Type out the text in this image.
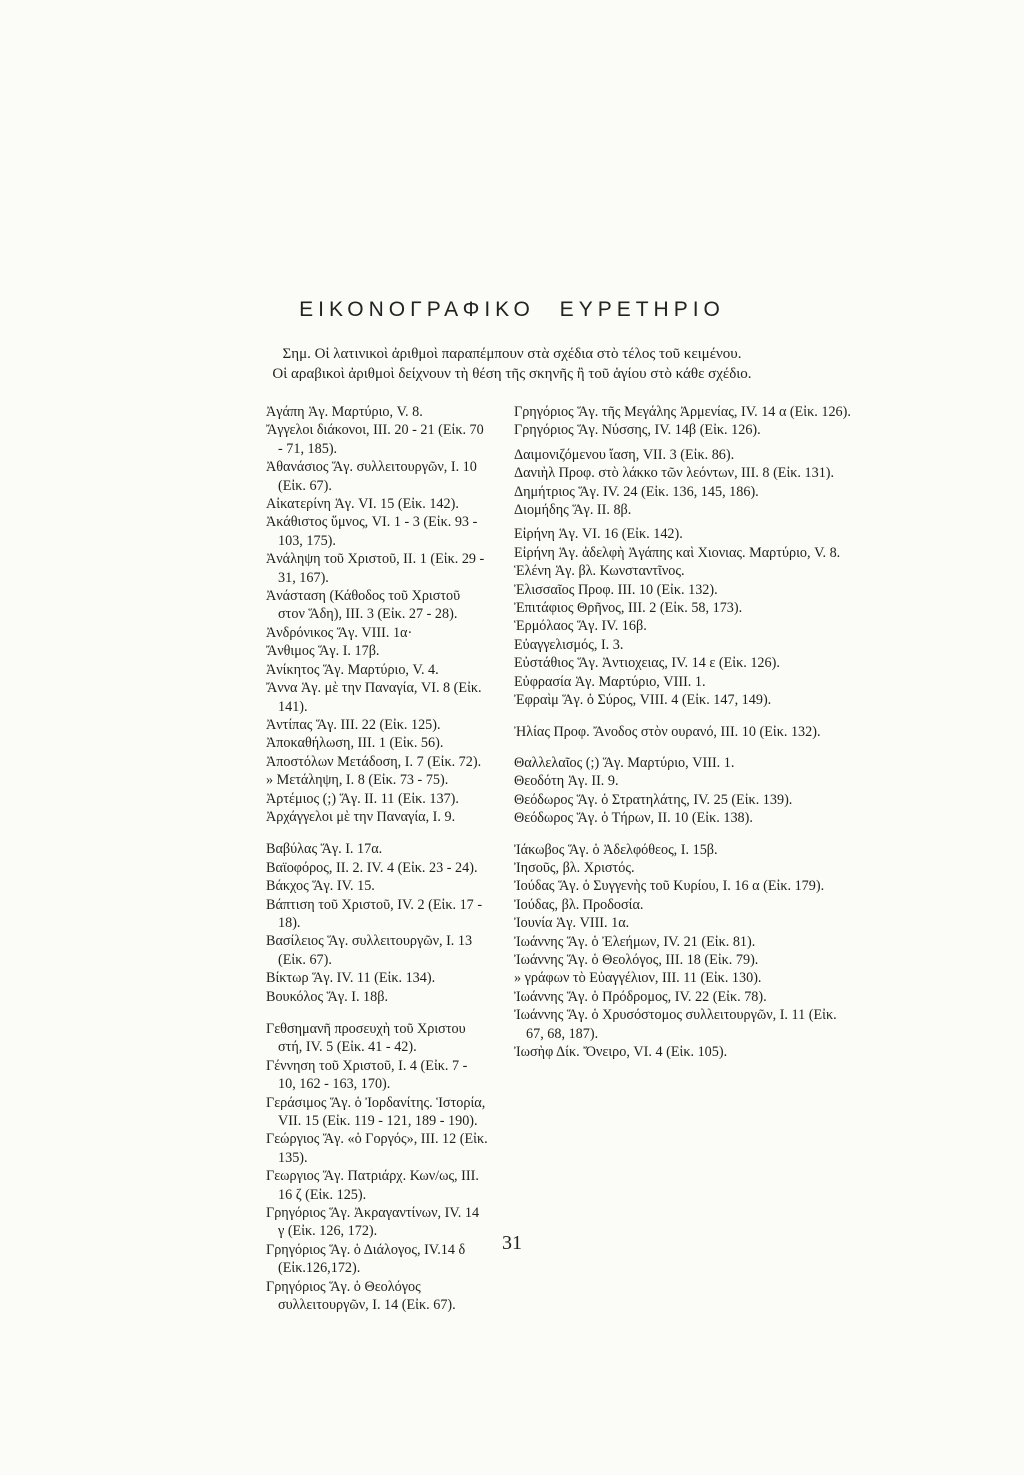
ΕΙΚΟΝΟΓΡΑΦΙΚΟ ΕΥΡΕΤΗΡΙΟ
Σημ. Οἱ λατινικοὶ ἀριθμοὶ παραπέμπουν στὰ σχέδια στὸ τέλος τοῦ κειμένου.
Οἱ αραβικοὶ ἀριθμοὶ δείχνουν τὴ θέση τῆς σκηνῆς ἢ τοῦ ἁγίου στὸ κάθε σχέδιο.

Ἀγάπη Ἁγ. Μαρτύριο, V. 8.

Ἄγγελοι διάκονοι, III. 20 - 21 (Εἰκ. 70 - 71, 185).

Ἀθανάσιος Ἅγ. συλλειτουργῶν, I. 10 (Εἰκ. 67).

Αἰκατερίνη Ἁγ. VI. 15 (Εἰκ. 142).

Ἀκάθιστος ὕμνος, VI. 1 - 3 (Εἰκ. 93 - 103, 175).

Ἀνάληψη τοῦ Χριστοῦ, II. 1 (Εἰκ. 29 - 31, 167).

Ἀνάσταση (Κάθοδος τοῦ Χριστοῦ στον Ἅδη), III. 3 (Εἰκ. 27 - 28).

Ἀνδρόνικος Ἅγ. VIII. 1α·

Ἄνθιμος Ἅγ. I. 17β.

Ἀνίκητος Ἅγ. Μαρτύριο, V. 4.

Ἄννα Ἁγ. μὲ την Παναγία, VI. 8 (Εἰκ. 141).

Ἀντίπας Ἅγ. III. 22 (Εἰκ. 125).

Ἀποκαθήλωση, III. 1 (Εἰκ. 56).

Ἀποστόλων Μετάδοση, I. 7 (Εἰκ. 72).

» Μετάληψη, I. 8 (Εἰκ. 73 - 75).

Ἀρτέμιος (;) Ἅγ. II. 11 (Εἰκ. 137).

Ἀρχάγγελοι μὲ την Παναγία, I. 9.

Βαβύλας Ἅγ. I. 17α.

Βαϊοφόρος, II. 2. IV. 4 (Εἰκ. 23 - 24).

Βάκχος Ἅγ. IV. 15.

Βάπτιση τοῦ Χριστοῦ, IV. 2 (Εἰκ. 17 - 18).

Βασίλειος Ἅγ. συλλειτουργῶν, I. 13 (Εἰκ. 67).

Βίκτωρ Ἅγ. IV. 11 (Εἰκ. 134).

Βουκόλος Ἅγ. I. 18β.

Γεθσημανῆ προσευχὴ τοῦ Χριστου στή, IV. 5 (Εἰκ. 41 - 42).

Γέννηση τοῦ Χριστοῦ, I. 4 (Εἰκ. 7 - 10, 162 - 163, 170).

Γεράσιμος Ἅγ. ὁ Ἰορδανίτης. Ἱστορία, VII. 15 (Εἰκ. 119 - 121, 189 - 190).

Γεώργιος Ἅγ. «ὁ Γοργός», III. 12 (Εἰκ. 135).

Γεωργιος Ἅγ. Πατριάρχ. Κων/ως, III. 16 ζ (Εἰκ. 125).

Γρηγόριος Ἅγ. Ἀκραγαντίνων, IV. 14 γ (Εἰκ. 126, 172).

Γρηγόριος Ἅγ. ὁ Διάλογος, IV.14 δ (Εἰκ.126,172).

Γρηγόριος Ἅγ. ὁ Θεολόγος συλλειτουργῶν, I. 14 (Εἰκ. 67).

Γρηγόριος Ἅγ. τῆς Μεγάλης Ἀρμενίας, IV. 14 α (Εἰκ. 126).

Γρηγόριος Ἅγ. Νύσσης, IV. 14β (Εἰκ. 126).

Δαιμονιζόμενου ἴαση, VII. 3 (Εἰκ. 86).

Δανιὴλ Προφ. στὸ λάκκο τῶν λεόντων, III. 8 (Εἰκ. 131).

Δημήτριος Ἅγ. IV. 24 (Εἰκ. 136, 145, 186).

Διομήδης Ἅγ. II. 8β.

Εἰρήνη Ἁγ. VI. 16 (Εἰκ. 142).

Εἰρήνη Ἁγ. ἀδελφὴ Ἀγάπης καὶ Χιονιας. Μαρτύριο, V. 8.

Ἑλένη Ἁγ. βλ. Κωνσταντῖνος.

Ἐλισσαῖος Προφ. III. 10 (Εἰκ. 132).

Ἐπιτάφιος Θρῆνος, III. 2 (Εἰκ. 58, 173).

Ἑρμόλαος Ἅγ. IV. 16β.

Εὐαγγελισμός, I. 3.

Εὐστάθιος Ἅγ. Ἀντιοχειας, IV. 14 ε (Εἰκ. 126).

Εὐφρασία Ἁγ. Μαρτύριο, VIII. 1.

Ἐφραὶμ Ἅγ. ὁ Σύρος, VIII. 4 (Εἰκ. 147, 149).

Ἠλίας Προφ. Ἄνοδος στὸν ουρανό, III. 10 (Εἰκ. 132).

Θαλλελαῖος (;) Ἅγ. Μαρτύριο, VIII. 1.

Θεοδότη Ἁγ. II. 9.

Θεόδωρος Ἅγ. ὁ Στρατηλάτης, IV. 25 (Εἰκ. 139).

Θεόδωρος Ἅγ. ὁ Τήρων, II. 10 (Εἰκ. 138).

Ἰάκωβος Ἅγ. ὁ Ἀδελφόθεος, I. 15β.

Ἰησοῦς, βλ. Χριστός.

Ἰούδας Ἅγ. ὁ Συγγενὴς τοῦ Κυρίου, I. 16 α (Εἰκ. 179).

Ἰούδας, βλ. Προδοσία.

Ἰουνία Ἁγ. VIII. 1α.

Ἰωάννης Ἅγ. ὁ Ἐλεήμων, IV. 21 (Εἰκ. 81).

Ἰωάννης Ἅγ. ὁ Θεολόγος, III. 18 (Εἰκ. 79).

» γράφων τὸ Εὐαγγέλιον, III. 11 (Εἰκ. 130).

Ἰωάννης Ἅγ. ὁ Πρόδρομος, IV. 22 (Εἰκ. 78).

Ἰωάννης Ἅγ. ὁ Χρυσόστομος συλλειτουργῶν, I. 11 (Εἰκ. 67, 68, 187).

Ἰωσὴφ Δίκ. Ὄνειρο, VI. 4 (Εἰκ. 105).

31
